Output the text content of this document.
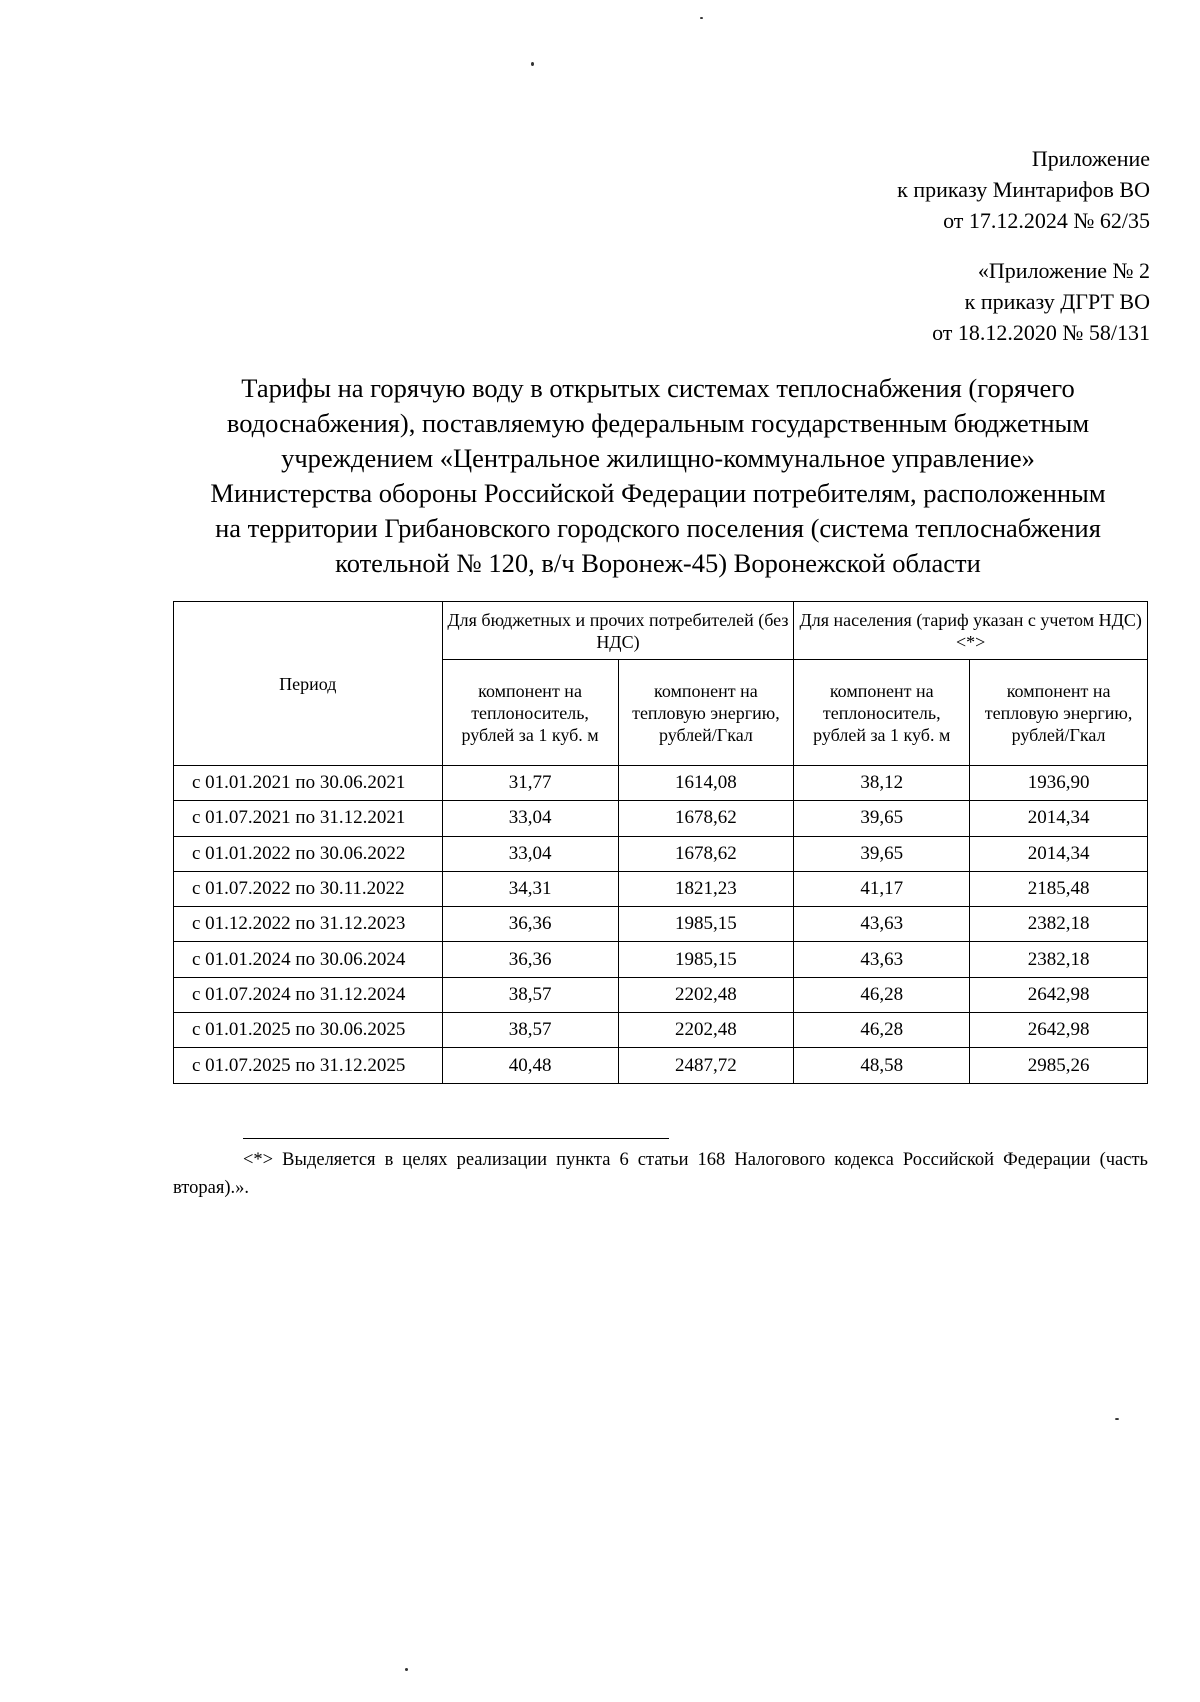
Приложение
к приказу Минтарифов ВО
от 17.12.2024 № 62/35
«Приложение № 2
к приказу ДГРТ ВО
от 18.12.2020 № 58/131
Тарифы на горячую воду в открытых системах теплоснабжения (горячего
водоснабжения), поставляемую федеральным государственным бюджетным
учреждением «Центральное жилищно-коммунальное управление»
Министерства обороны Российской Федерации потребителям, расположенным
на территории Грибановского городского поселения (система теплоснабжения
котельной № 120, в/ч Воронеж-45) Воронежской области
Период	Для бюджетных и прочих потребителей (без НДС)		Для населения (тариф указан с учетом НДС) <*>	
	компонент на теплоноситель, рублей за 1 куб. м	компонент на тепловую энергию, рублей/Гкал	компонент на теплоноситель, рублей за 1 куб. м	компонент на тепловую энергию, рублей/Гкал
с 01.01.2021 по 30.06.2021	31,77	1614,08	38,12	1936,90
с 01.07.2021 по 31.12.2021	33,04	1678,62	39,65	2014,34
с 01.01.2022 по 30.06.2022	33,04	1678,62	39,65	2014,34
с 01.07.2022 по 30.11.2022	34,31	1821,23	41,17	2185,48
с 01.12.2022 по 31.12.2023	36,36	1985,15	43,63	2382,18
с 01.01.2024 по 30.06.2024	36,36	1985,15	43,63	2382,18
с 01.07.2024 по 31.12.2024	38,57	2202,48	46,28	2642,98
с 01.01.2025 по 30.06.2025	38,57	2202,48	46,28	2642,98
с 01.07.2025 по 31.12.2025	40,48	2487,72	48,58	2985,26
<*> Выделяется в целях реализации пункта 6 статьи 168 Налогового кодекса Российской Федерации (часть вторая).».
